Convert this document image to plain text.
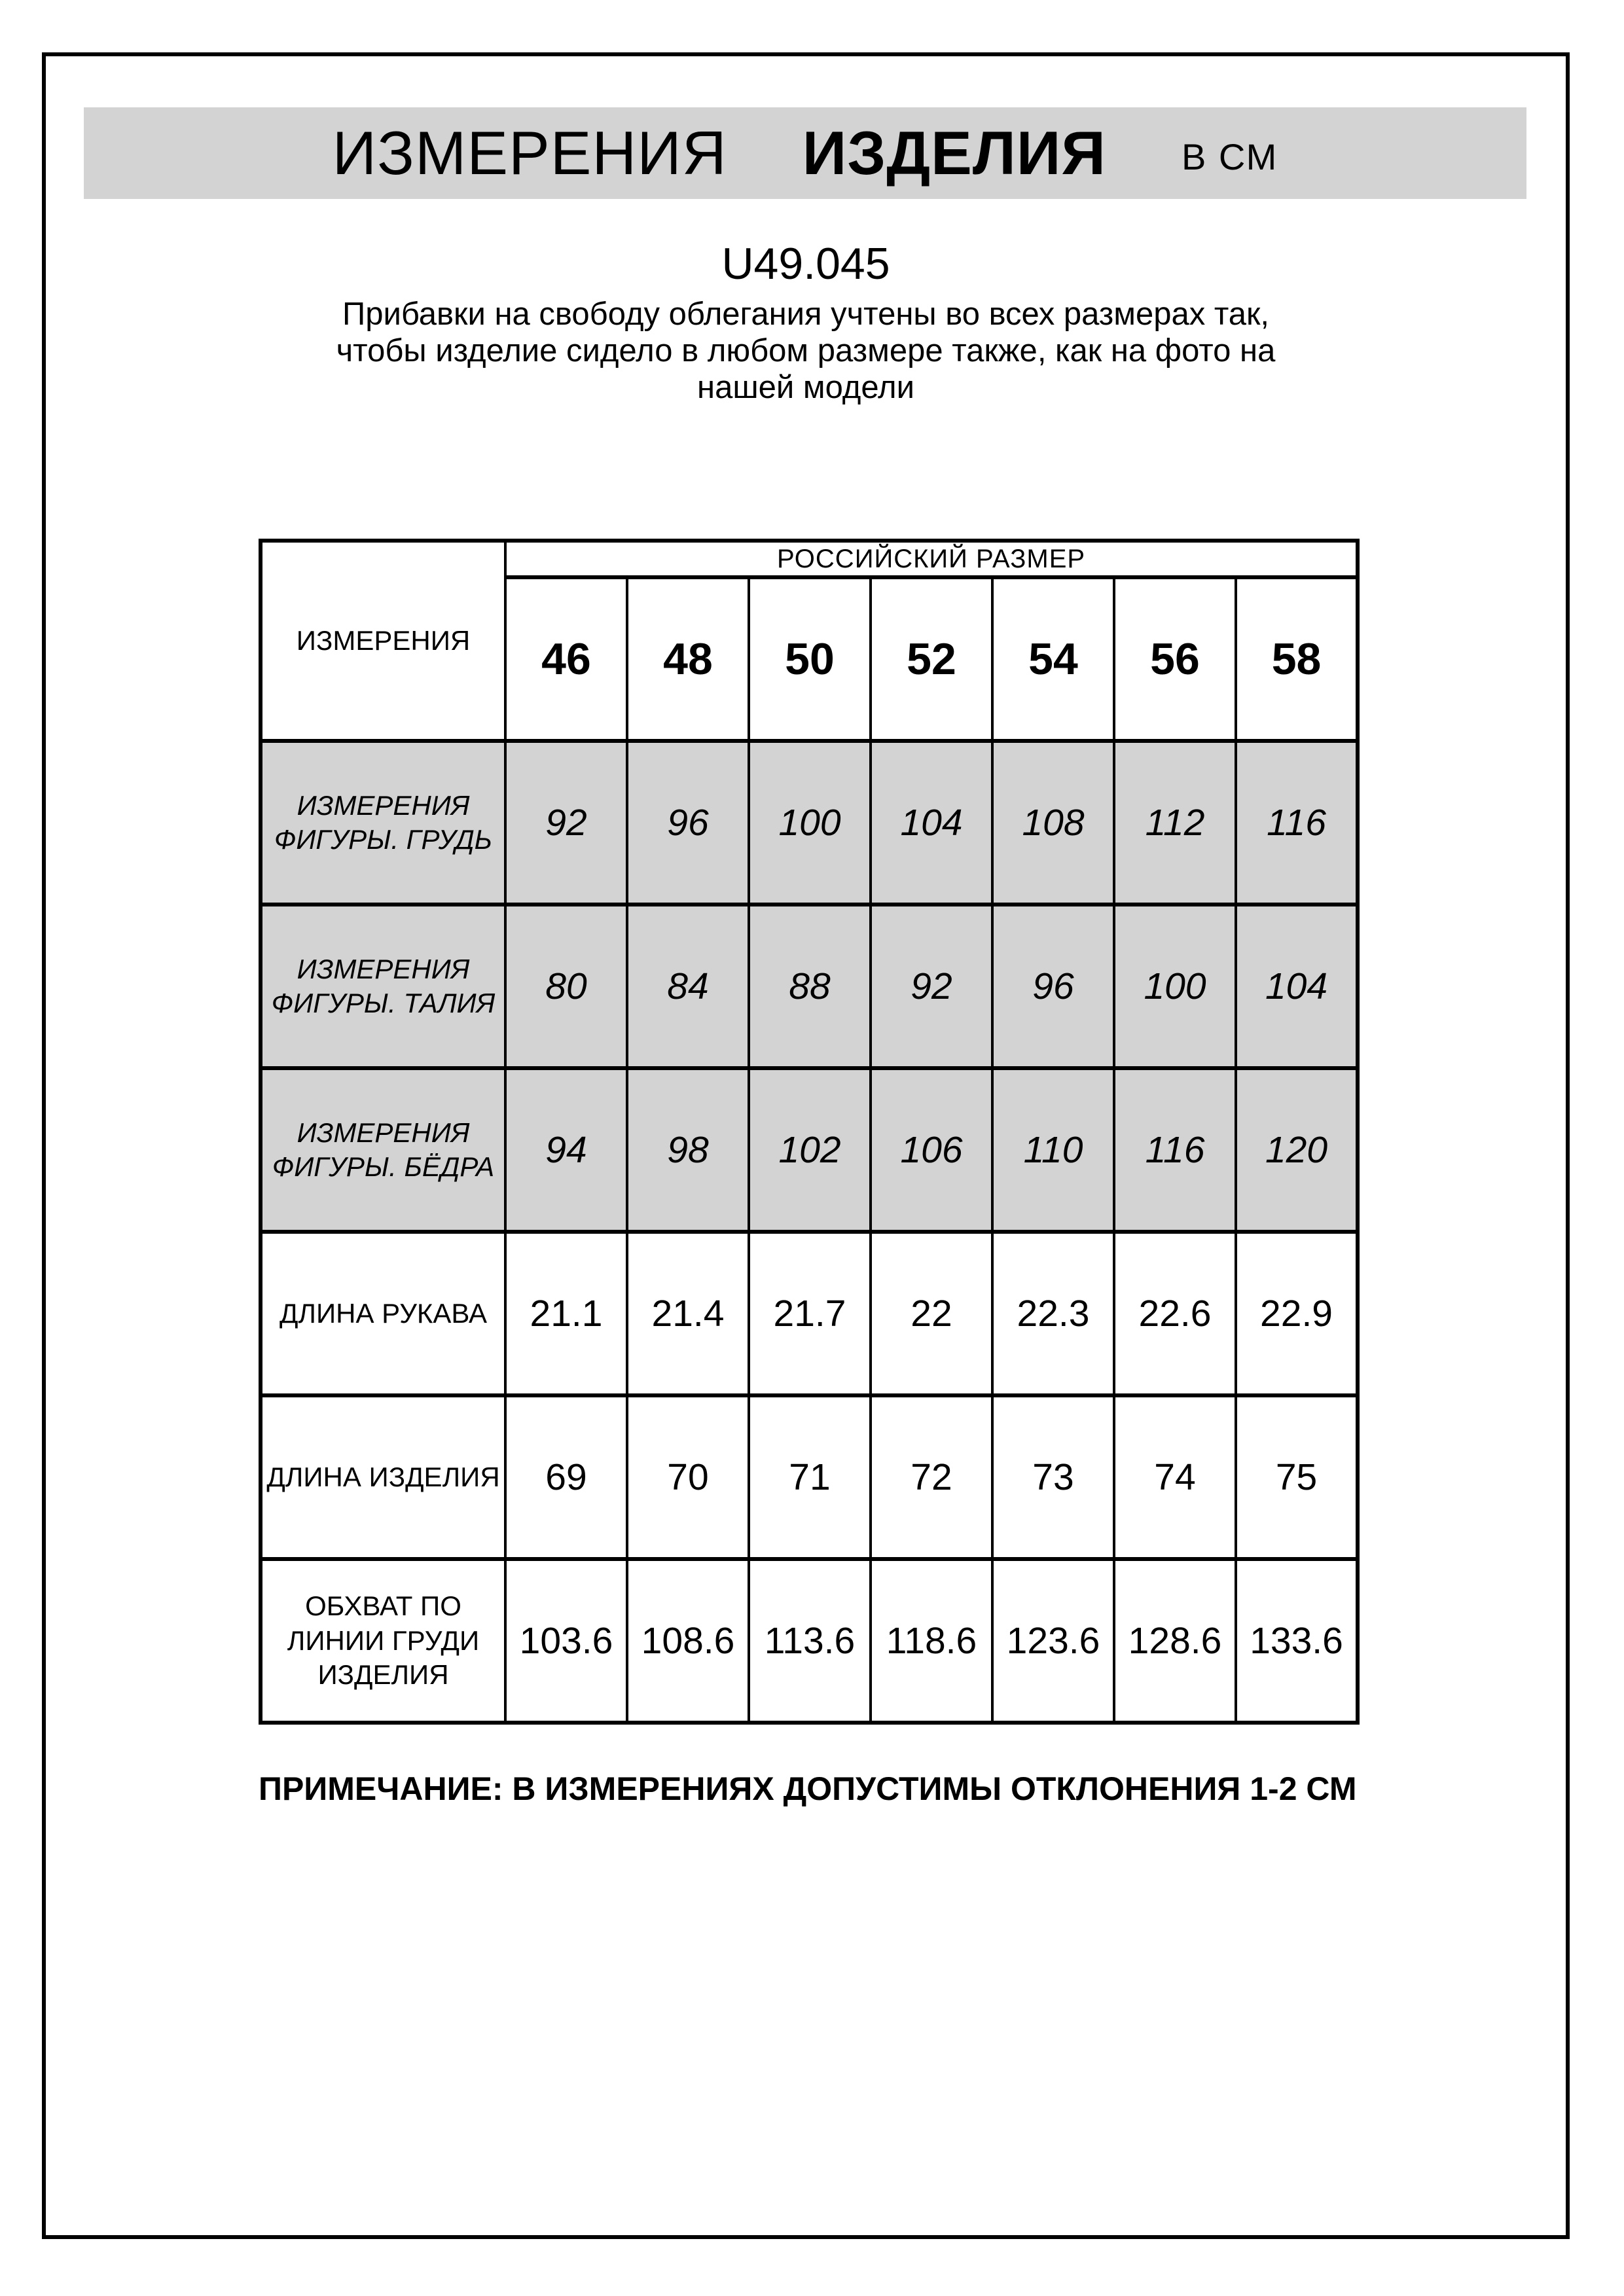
ИЗМЕРЕНИЯ ИЗДЕЛИЯ В СМ
U49.045
Прибавки на свободу облегания учтены во всех размерах так,
чтобы изделие сидело в любом размере также, как на фото на
нашей модели
ИЗМЕРЕНИЯ	РОССИЙСКИЙ РАЗМЕР						
	46	48	50	52	54	56	58

ИЗМЕРЕНИЯ
ФИГУРЫ. ГРУДЬ	92	96	100	104	108	112	116

ИЗМЕРЕНИЯ
ФИГУРЫ. ТАЛИЯ	80	84	88	92	96	100	104

ИЗМЕРЕНИЯ
ФИГУРЫ. БЁДРА	94	98	102	106	110	116	120

ДЛИНА РУКАВА	21.1	21.4	21.7	22	22.3	22.6	22.9

ДЛИНА ИЗДЕЛИЯ	69	70	71	72	73	74	75

ОБХВАТ ПО
ЛИНИИ ГРУДИ
ИЗДЕЛИЯ	103.6	108.6	113.6	118.6	123.6	128.6	133.6
ПРИМЕЧАНИЕ: В ИЗМЕРЕНИЯХ ДОПУСТИМЫ ОТКЛОНЕНИЯ 1-2 СМ
